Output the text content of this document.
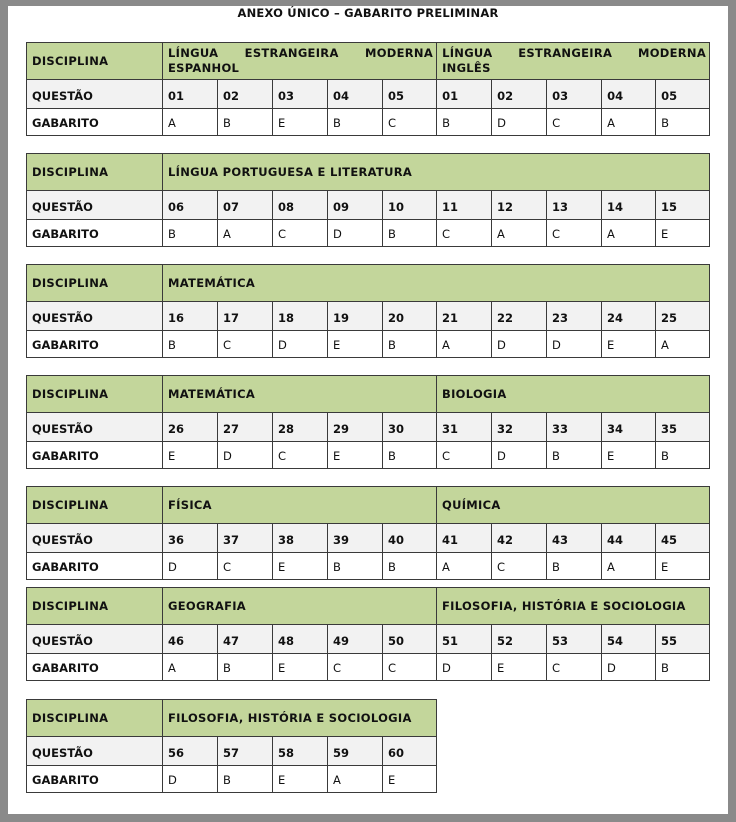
ANEXO ÚNICO – GABARITO PRELIMINAR
DISCIPLINA	LÍNGUA ESTRANGEIRA MODERNA ESPANHOL					LÍNGUA ESTRANGEIRA MODERNA INGLÊS				
QUESTÃO	01	02	03	04	05	01	02	03	04	05
GABARITO	A	B	E	B	C	B	D	C	A	B
DISCIPLINA	LÍNGUA PORTUGUESA E LITERATURA									
QUESTÃO	06	07	08	09	10	11	12	13	14	15
GABARITO	B	A	C	D	B	C	A	C	A	E
DISCIPLINA	MATEMÁTICA									
QUESTÃO	16	17	18	19	20	21	22	23	24	25
GABARITO	B	C	D	E	B	A	D	D	E	A
DISCIPLINA	MATEMÁTICA					BIOLOGIA				
QUESTÃO	26	27	28	29	30	31	32	33	34	35
GABARITO	E	D	C	E	B	C	D	B	E	B
DISCIPLINA	FÍSICA					QUÍMICA				
QUESTÃO	36	37	38	39	40	41	42	43	44	45
GABARITO	D	C	E	B	B	A	C	B	A	E
DISCIPLINA	GEOGRAFIA					FILOSOFIA, HISTÓRIA E SOCIOLOGIA				
QUESTÃO	46	47	48	49	50	51	52	53	54	55
GABARITO	A	B	E	C	C	D	E	C	D	B
DISCIPLINA	FILOSOFIA, HISTÓRIA E SOCIOLOGIA				
QUESTÃO	56	57	58	59	60
GABARITO	D	B	E	A	E
